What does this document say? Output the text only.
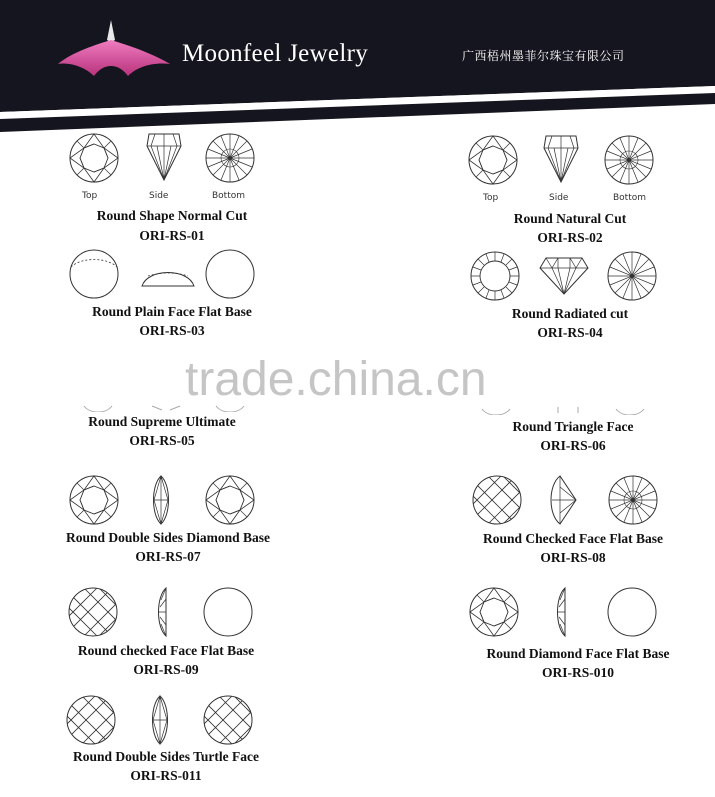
Moonfeel Jewelry	广西梧州墨菲尔珠宝有限公司
Top	Side	Bottom
Round Shape Normal Cut
ORI-RS-01
Top	Side	Bottom
Round Natural Cut
ORI-RS-02
Round Plain Face Flat Base
ORI-RS-03
Round Radiated cut
ORI-RS-04
trade.china.cn
Round Supreme Ultimate
ORI-RS-05
Round Triangle Face
ORI-RS-06
Round Double Sides Diamond Base
ORI-RS-07
Round Checked Face Flat Base
ORI-RS-08
Round checked Face Flat Base
ORI-RS-09
Round Diamond Face Flat Base
ORI-RS-010
Round Double Sides Turtle Face
ORI-RS-011
